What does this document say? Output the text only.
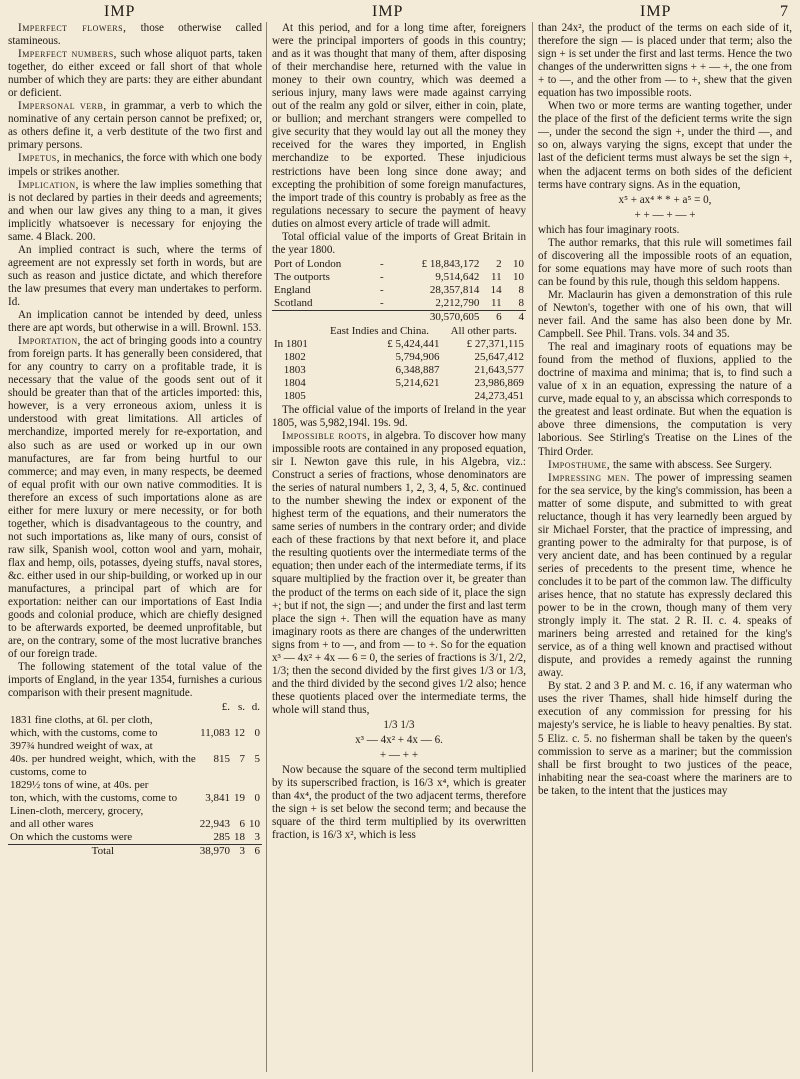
IMP	IMP	IMP	7

Imperfect flowers, those otherwise called stamineous.

Imperfect numbers, such whose aliquot parts, taken together, do either exceed or fall short of that whole number of which they are parts: they are either abundant or deficient.

Impersonal verb, in grammar, a verb to which the nominative of any certain person cannot be prefixed; or, as others define it, a verb destitute of the two first and primary persons.

Impetus, in mechanics, the force with which one body impels or strikes another.

Implication, is where the law implies something that is not declared by parties in their deeds and agreements; and when our law gives any thing to a man, it gives implicitly whatsoever is necessary for enjoying the same. 4 Black. 200.

An implied contract is such, where the terms of agreement are not expressly set forth in words, but are such as reason and justice dictate, and which therefore the law presumes that every man undertakes to perform. Id.

An implication cannot be intended by deed, unless there are apt words, but otherwise in a will. Brownl. 153.

Importation, the act of bringing goods into a country from foreign parts. It has generally been considered, that for any country to carry on a profitable trade, it is necessary that the value of the goods sent out of it should be greater than that of the articles imported: this, however, is a very erroneous axiom, unless it is understood with great limitations. All articles of merchandize, imported merely for re-exportation, and also such as are used or worked up in our own manufactures, are far from being hurtful to our commerce; and may even, in many respects, be deemed of equal profit with our own native commodities. It is therefore an excess of such importations alone as are either for mere luxury or mere necessity, or for both together, which is disadvantageous to the country, and not such importations as, like many of ours, consist of raw silk, Spanish wool, cotton wool and yarn, mohair, flax and hemp, oils, potasses, dyeing stuffs, naval stores, &c. either used in our ship-building, or worked up in our manufactures, a principal part of which are for exportation: neither can our importations of East India goods and colonial produce, which are chiefly designed to be afterwards exported, be deemed unprofitable, but are, on the contrary, some of the most lucrative branches of our foreign trade.

The following statement of the total value of the imports of England, in the year 1354, furnishes a curious comparison with their present magnitude.

	£.	s.	d.
1831 fine cloths, at 6l. per cloth,			
which, with the customs, come to	11,083	12	0
397¾ hundred weight of wax, at			
40s. per hundred weight, which, with the customs, come to	815	7	5
1829½ tons of wine, at 40s. per			
ton, which, with the customs, come to	3,841	19	0
Linen-cloth, mercery, grocery,			
and all other wares	22,943	6	10
On which the customs were	285	18	3
Total	38,970	3	6

At this period, and for a long time after, foreigners were the principal importers of goods in this country; and as it was thought that many of them, after disposing of their merchandise here, returned with the value in money to their own country, which was deemed a serious injury, many laws were made against carrying out of the realm any gold or silver, either in coin, plate, or bullion; and merchant strangers were compelled to give security that they would lay out all the money they received for the wares they imported, in English merchandize to be exported. These injudicious restrictions have been long since done away; and excepting the prohibition of some foreign manufactures, the import trade of this country is probably as free as the regulations necessary to secure the payment of heavy duties on almost every article of trade will admit.

Total official value of the imports of Great Britain in the year 1800.

Port of London	-	£ 18,843,172	2	10
The outports	-	9,514,642	11	10
England	-	28,357,814	14	8
Scotland	-	2,212,790	11	8
		30,570,605	6	4
	East Indies and China.	All other parts.
In 1801	£ 5,424,441	£ 27,371,115
1802	5,794,906	25,647,412
1803	6,348,887	21,643,577
1804	5,214,621	23,986,869
1805		24,273,451

The official value of the imports of Ireland in the year 1805, was 5,982,194l. 19s. 9d.

Impossible roots, in algebra. To discover how many impossible roots are contained in any proposed equation, sir I. Newton gave this rule, in his Algebra, viz.: Construct a series of fractions, whose denominators are the series of natural numbers 1, 2, 3, 4, 5, &c. continued to the number shewing the index or exponent of the highest term of the equations, and their numerators the same series of numbers in the contrary order; and divide each of these fractions by that next before it, and place the resulting quotients over the intermediate terms of the equation; then under each of the intermediate terms, if its square multiplied by the fraction over it, be greater than the product of the terms on each side of it, place the sign +; but if not, the sign —; and under the first and last term place the sign +. Then will the equation have as many imaginary roots as there are changes of the underwritten signs from + to —, and from — to +. So for the equation x³ — 4x² + 4x — 6 = 0, the series of fractions is 3/1, 2/2, 1/3; then the second divided by the first gives 1/3 or 1/3, and the third divided by the second gives 1/2 also; hence these quotients placed over the intermediate terms, the whole will stand thus,

1/3 1/3
x³ — 4x² + 4x — 6.
+ — + +

Now because the square of the second term multiplied by its superscribed fraction, is 16/3 x⁴, which is greater than 4x⁴, the product of the two adjacent terms, therefore the sign + is set below the second term; and because the square of the third term multiplied by its overwritten fraction, is 16/3 x², which is less

than 24x², the product of the terms on each side of it, therefore the sign — is placed under that term; also the sign + is set under the first and last terms. Hence the two changes of the underwritten signs + + — +, the one from + to —, and the other from — to +, shew that the given equation has two impossible roots.

When two or more terms are wanting together, under the place of the first of the deficient terms write the sign —, under the second the sign +, under the third —, and so on, always varying the signs, except that under the last of the deficient terms must always be set the sign +, when the adjacent terms on both sides of the deficient terms have contrary signs. As in the equation,

x⁵ + ax⁴ * * + a⁵ = 0,
+ + — + — +

which has four imaginary roots.

The author remarks, that this rule will sometimes fail of discovering all the impossible roots of an equation, for some equations may have more of such roots than can be found by this rule, though this seldom happens.

Mr. Maclaurin has given a demonstration of this rule of Newton's, together with one of his own, that will never fail. And the same has also been done by Mr. Campbell. See Phil. Trans. vols. 34 and 35.

The real and imaginary roots of equations may be found from the method of fluxions, applied to the doctrine of maxima and minima; that is, to find such a value of x in an equation, expressing the nature of a curve, made equal to y, an abscissa which corresponds to the greatest and least ordinate. But when the equation is above three dimensions, the computation is very laborious. See Stirling's Treatise on the Lines of the Third Order.

Imposthume, the same with abscess. See Surgery.

Impressing men. The power of impressing seamen for the sea service, by the king's commission, has been a matter of some dispute, and submitted to with great reluctance, though it has very learnedly been argued by sir Michael Forster, that the practice of impressing, and granting power to the admiralty for that purpose, is of very ancient date, and has been continued by a regular series of precedents to the present time, whence he concludes it to be part of the common law. The difficulty arises hence, that no statute has expressly declared this power to be in the crown, though many of them very strongly imply it. The stat. 2 R. II. c. 4. speaks of mariners being arrested and retained for the king's service, as of a thing well known and practised without dispute, and provides a remedy against the running away.

By stat. 2 and 3 P. and M. c. 16, if any waterman who uses the river Thames, shall hide himself during the execution of any commission for pressing for his majesty's service, he is liable to heavy penalties. By stat. 5 Eliz. c. 5. no fisherman shall be taken by the queen's commission to serve as a mariner; but the commission shall be first brought to two justices of the peace, inhabiting near the sea-coast where the mariners are to be taken, to the intent that the justices may
